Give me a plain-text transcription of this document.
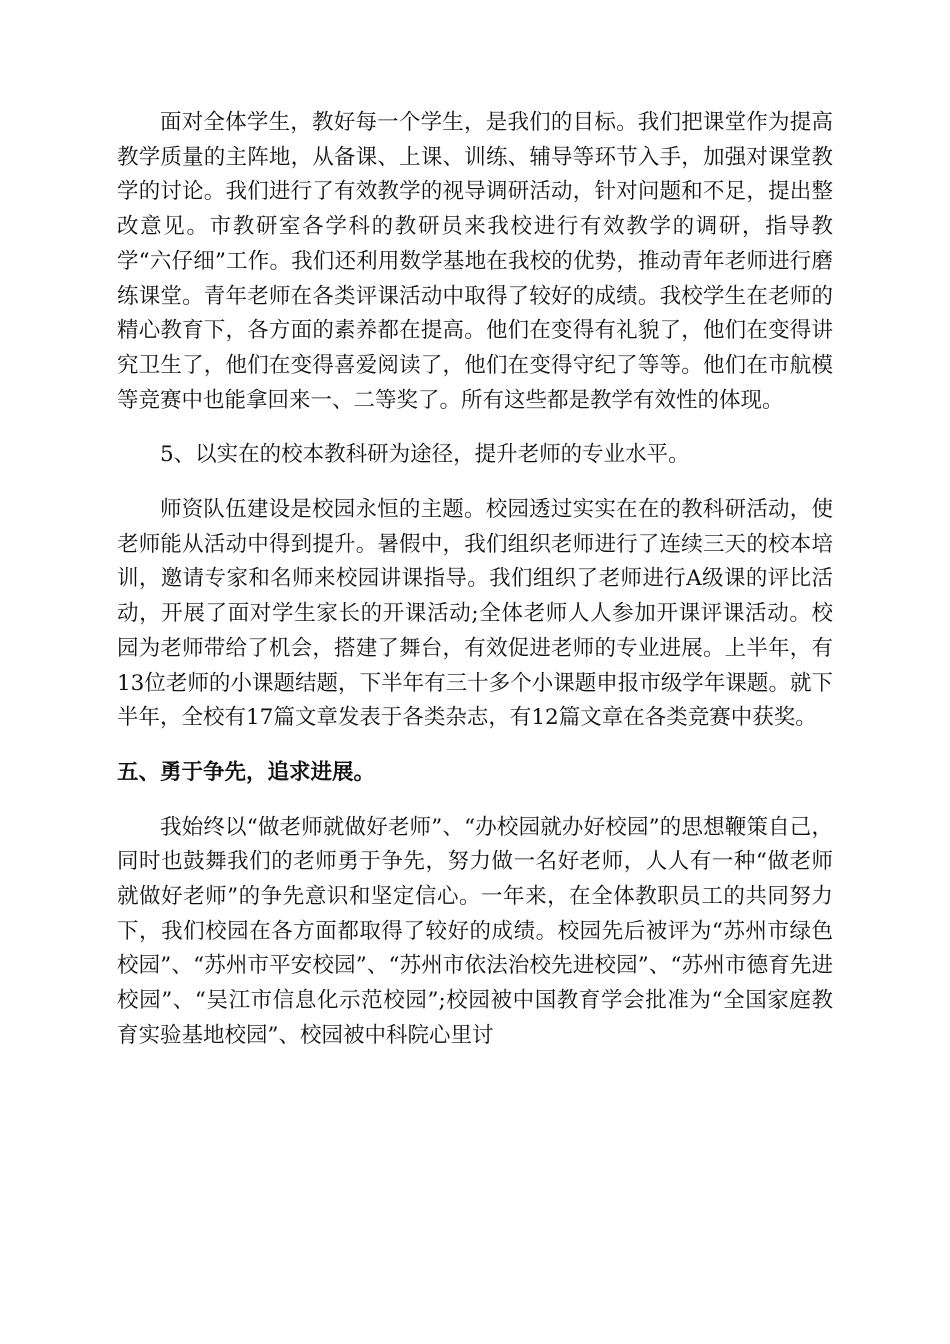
面对全体学生，教好每一个学生，是我们的目标。我们把课堂作为提高教学质量的主阵地，从备课、上课、训练、辅导等环节入手，加强对课堂教学的讨论。我们进行了有效教学的视导调研活动，针对问题和不足，提出整改意见。市教研室各学科的教研员来我校进行有效教学的调研，指导教学“六仔细”工作。我们还利用数学基地在我校的优势，推动青年老师进行磨练课堂。青年老师在各类评课活动中取得了较好的成绩。我校学生在老师的精心教育下，各方面的素养都在提高。他们在变得有礼貌了，他们在变得讲究卫生了，他们在变得喜爱阅读了，他们在变得守纪了等等。他们在市航模等竞赛中也能拿回来一、二等奖了。所有这些都是教学有效性的体现。

5、以实在的校本教科研为途径，提升老师的专业水平。

师资队伍建设是校园永恒的主题。校园透过实实在在的教科研活动，使老师能从活动中得到提升。暑假中，我们组织老师进行了连续三天的校本培训，邀请专家和名师来校园讲课指导。我们组织了老师进行A级课的评比活动，开展了面对学生家长的开课活动;全体老师人人参加开课评课活动。校园为老师带给了机会，搭建了舞台，有效促进老师的专业进展。上半年，有13位老师的小课题结题，下半年有三十多个小课题申报市级学年课题。就下半年，全校有17篇文章发表于各类杂志，有12篇文章在各类竞赛中获奖。

五、勇于争先，追求进展。

我始终以“做老师就做好老师”、“办校园就办好校园”的思想鞭策自己，同时也鼓舞我们的老师勇于争先，努力做一名好老师，人人有一种“做老师就做好老师”的争先意识和坚定信心。一年来，在全体教职员工的共同努力下，我们校园在各方面都取得了较好的成绩。校园先后被评为“苏州市绿色校园”、“苏州市平安校园”、“苏州市依法治校先进校园”、“苏州市德育先进校园”、“吴江市信息化示范校园”;校园被中国教育学会批准为“全国家庭教育实验基地校园”、校园被中科院心里讨
